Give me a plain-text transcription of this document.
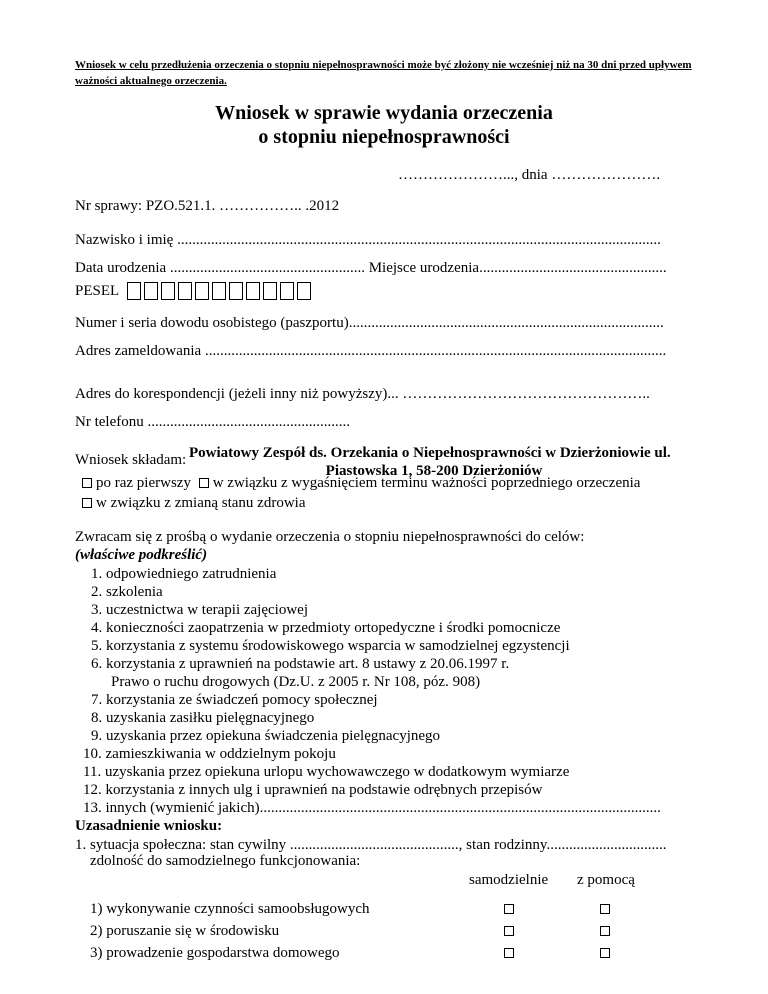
Wniosek w celu przedłużenia orzeczenia o stopniu niepełnosprawności może być złożony nie wcześniej niż na 30 dni przed upływem ważności aktualnego orzeczenia.
Wniosek w sprawie wydania orzeczenia
o stopniu niepełnosprawności
…………………..., dnia ………………….
Nr sprawy: PZO.521.1. …………….. .2012
Nazwisko i imię .................................................................................................................................
Data urodzenia .................................................... Miejsce urodzenia..................................................
PESEL
Numer i seria dowodu osobistego (paszportu)....................................................................................
Adres zameldowania ...........................................................................................................................
Adres do korespondencji (jeżeli inny niż powyższy)... …………………………………………..
Nr telefonu ......................................................
Powiatowy Zespół ds. Orzekania o Niepełnosprawności w Dzierżoniowie ul.
Piastowska 1, 58-200 Dzierżoniów
Wniosek składam:
po raz pierwszy w związku z wygaśnięciem terminu ważności poprzedniego orzeczenia
w związku z zmianą stanu zdrowia
Zwracam się z prośbą o wydanie orzeczenia o stopniu niepełnosprawności do celów:
(właściwe podkreślić)
1. odpowiedniego zatrudnienia
2. szkolenia
3. uczestnictwa w terapii zajęciowej
4. konieczności zaopatrzenia w przedmioty ortopedyczne i środki pomocnicze
5. korzystania z systemu środowiskowego wsparcia w samodzielnej egzystencji
6. korzystania z uprawnień na podstawie art. 8 ustawy z 20.06.1997 r.
Prawo o ruchu drogowych (Dz.U. z 2005 r. Nr 108, póz. 908)
7. korzystania ze świadczeń pomocy społecznej
8. uzyskania zasiłku pielęgnacyjnego
9. uzyskania przez opiekuna świadczenia pielęgnacyjnego
10. zamieszkiwania w oddzielnym pokoju
11. uzyskania przez opiekuna urlopu wychowawczego w dodatkowym wymiarze
12. korzystania z innych ulg i uprawnień na podstawie odrębnych przepisów
13. innych (wymienić jakich)...........................................................................................................
Uzasadnienie wniosku:
1. sytuacja społeczna: stan cywilny ............................................., stan rodzinny................................
zdolność do samodzielnego funkcjonowania:
samodzielnie z pomocą
1) wykonywanie czynności samoobsługowych
2) poruszanie się w środowisku
3) prowadzenie gospodarstwa domowego
